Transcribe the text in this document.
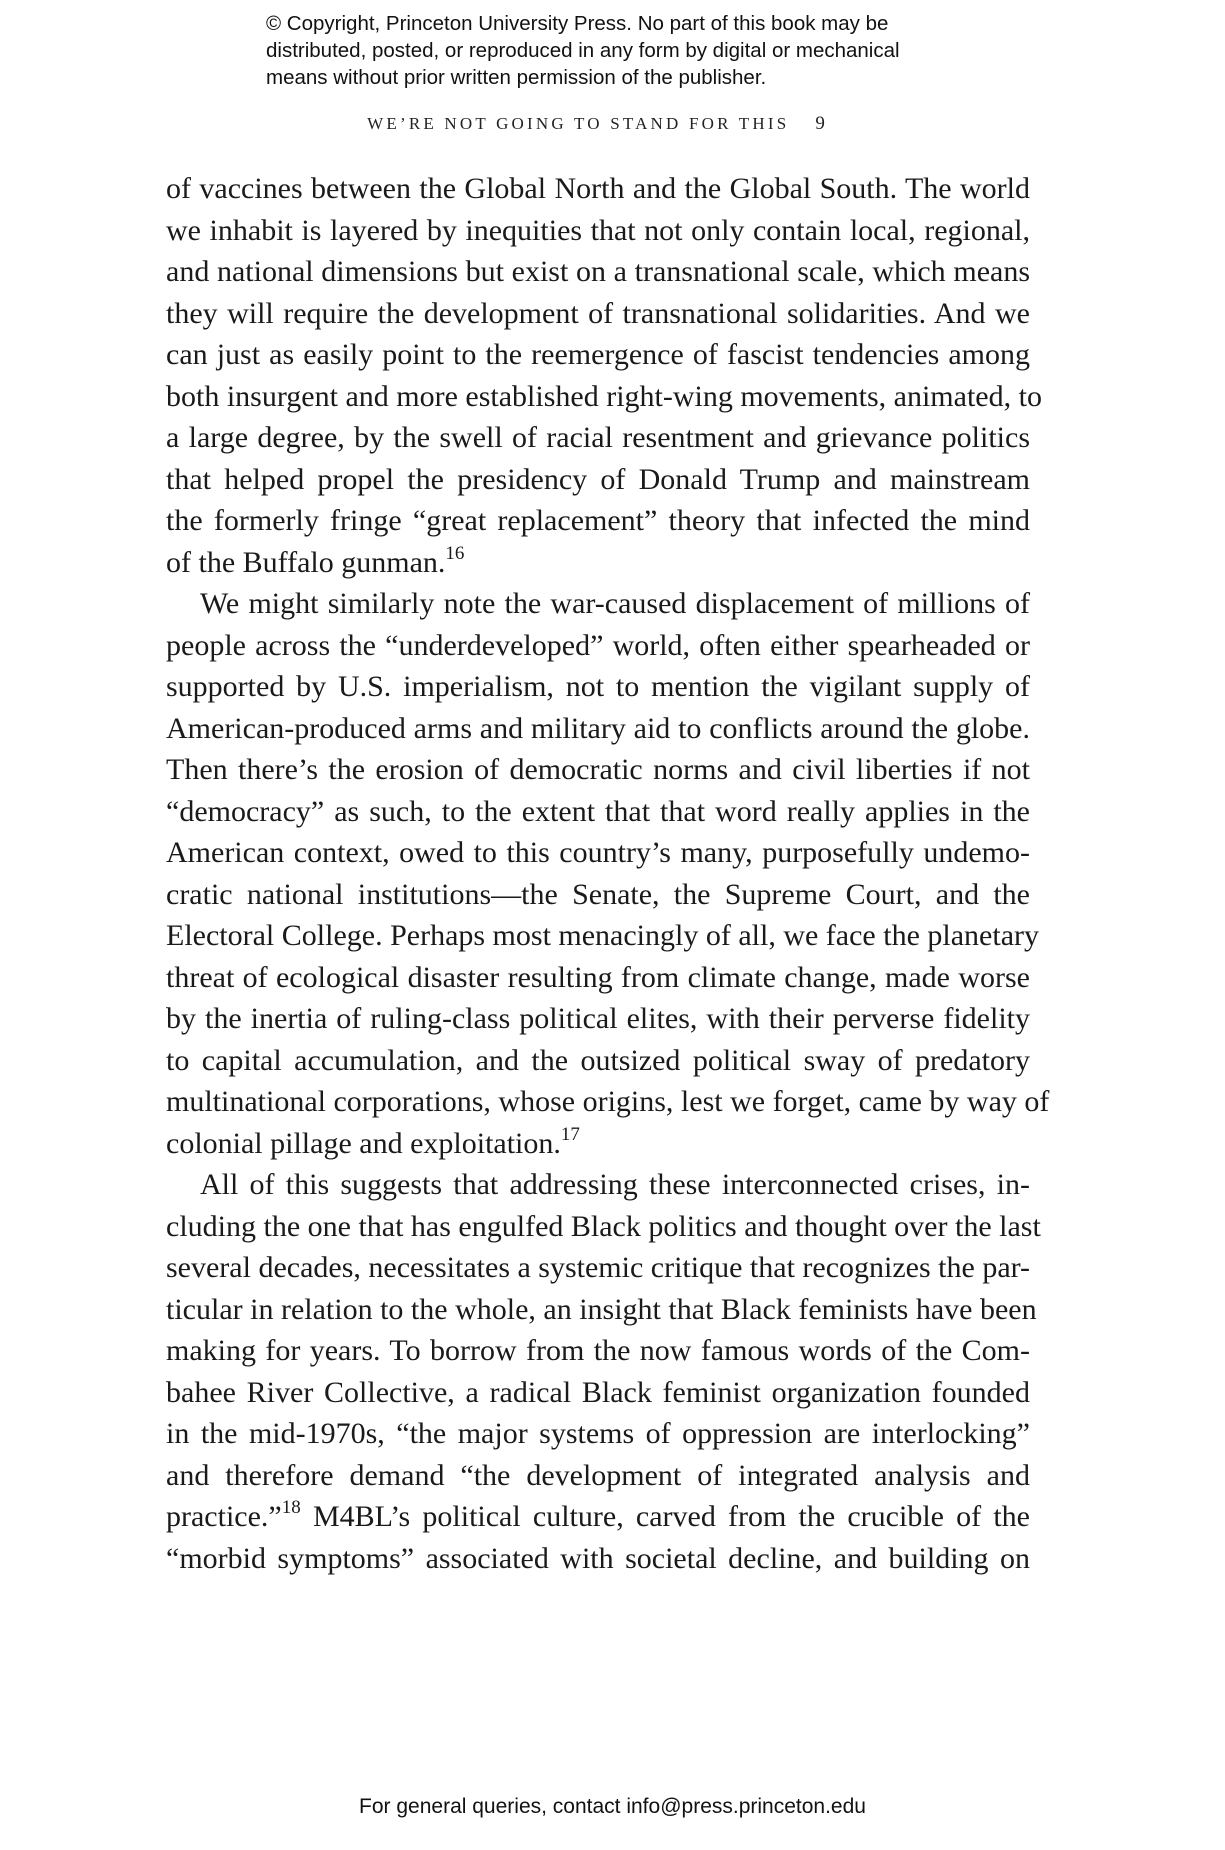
© Copyright, Princeton University Press. No part of this book may be
distributed, posted, or reproduced in any form by digital or mechanical
means without prior written permission of the publisher.
WE’RE NOT GOING TO STAND FOR THIS 9
of vaccines between the Global North and the Global South. The world
we inhabit is layered by inequities that not only contain local, regional,
and national dimensions but exist on a transnational scale, which means
they will require the development of transnational solidarities. And we
can just as easily point to the reemergence of fascist tendencies among
both insurgent and more established right-wing movements, animated, to
a large degree, by the swell of racial resentment and grievance politics
that helped propel the presidency of Donald Trump and mainstream
the formerly fringe “great replacement” theory that infected the mind
of the Buffalo gunman.$^{16}$
We might similarly note the war-caused displacement of millions of
people across the “underdeveloped” world, often either spearheaded or
supported by U.S. imperialism, not to mention the vigilant supply of
American-produced arms and military aid to conflicts around the globe.
Then there’s the erosion of democratic norms and civil liberties if not
“democracy” as such, to the extent that that word really applies in the
American context, owed to this country’s many, purposefully undemo-
cratic national institutions—the Senate, the Supreme Court, and the
Electoral College. Perhaps most menacingly of all, we face the planetary
threat of ecological disaster resulting from climate change, made worse
by the inertia of ruling-class political elites, with their perverse fidelity
to capital accumulation, and the outsized political sway of predatory
multinational corporations, whose origins, lest we forget, came by way of
colonial pillage and exploitation.$^{17}$
All of this suggests that addressing these interconnected crises, in-
cluding the one that has engulfed Black politics and thought over the last
several decades, necessitates a systemic critique that recognizes the par-
ticular in relation to the whole, an insight that Black feminists have been
making for years. To borrow from the now famous words of the Com-
bahee River Collective, a radical Black feminist organization founded
in the mid-1970s, “the major systems of oppression are interlocking”
and therefore demand “the development of integrated analysis and
practice.”$^{18}$ M4BL’s political culture, carved from the crucible of the
“morbid symptoms” associated with societal decline, and building on
For general queries, contact info@press.princeton.edu
